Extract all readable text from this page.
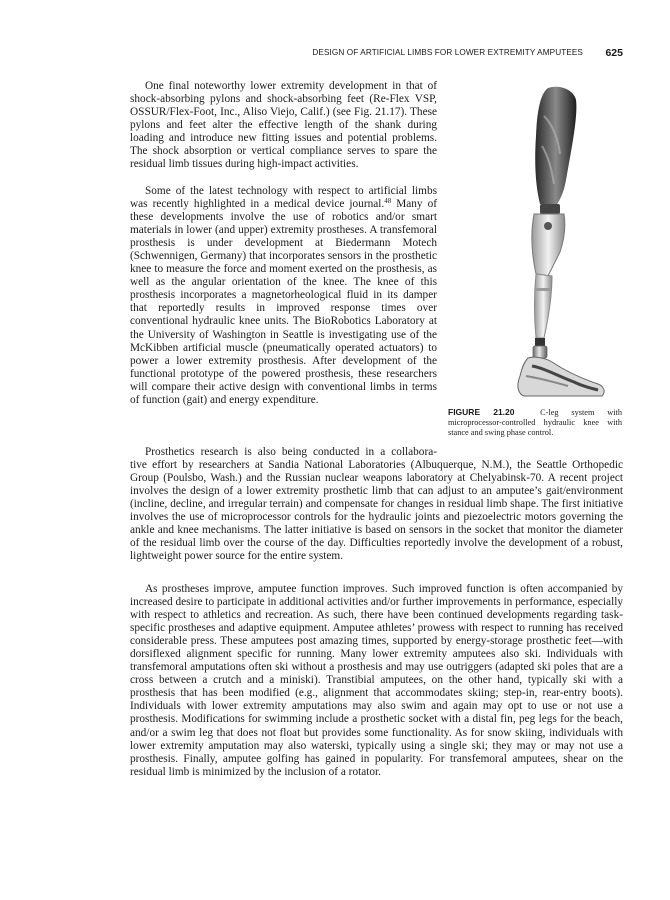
DESIGN OF ARTIFICIAL LIMBS FOR LOWER EXTREMITY AMPUTEES 625

One final noteworthy lower extremity development in that of shock-absorbing pylons and shock-absorbing feet (Re-Flex VSP, OSSUR/Flex-Foot, Inc., Aliso Viejo, Calif.) (see Fig. 21.17). These pylons and feet alter the effective length of the shank during loading and introduce new fitting issues and potential problems. The shock absorption or vertical compliance serves to spare the residual limb tissues during high-impact activities.

Some of the latest technology with respect to artificial limbs was recently highlighted in a medical device journal.$^{48}$ Many of these developments involve the use of robotics and/or smart materials in lower (and upper) extremity prostheses. A transfemoral prosthesis is under development at Biedermann Motech (Schwennigen, Germany) that incorporates sensors in the prosthetic knee to measure the force and moment exerted on the prosthesis, as well as the angular orientation of the knee. The knee of this prosthesis incorporates a magnetorheological fluid in its damper that reportedly results in improved response times over conventional hydraulic knee units. The BioRobotics Laboratory at the University of Washington in Seattle is investigating use of the McKibben artificial muscle (pneumatically operated actuators) to power a lower extremity prosthesis. After development of the functional prototype of the powered prosthesis, these researchers will compare their active design with conventional limbs in terms of function (gait) and energy expenditure.

Prosthetics research is also being conducted in a collabora-
tive effort by researchers at Sandia National Laboratories (Albuquerque, N.M.), the Seattle Orthopedic Group (Poulsbo, Wash.) and the Russian nuclear weapons laboratory at Chelyabinsk-70. A recent project involves the design of a lower extremity prosthetic limb that can adjust to an amputee’s gait/environment (incline, decline, and irregular terrain) and compensate for changes in residual limb shape. The first initiative involves the use of microprocessor controls for the hydraulic joints and piezoelectric motors governing the ankle and knee mechanisms. The latter initiative is based on sensors in the socket that monitor the diameter of the residual limb over the course of the day. Difficulties reportedly involve the development of a robust, lightweight power source for the entire system.

As prostheses improve, amputee function improves. Such improved function is often accompanied by increased desire to participate in additional activities and/or further improvements in performance, especially with respect to athletics and recreation. As such, there have been continued developments regarding task-specific prostheses and adaptive equipment. Amputee athletes’ prowess with respect to running has received considerable press. These amputees post amazing times, supported by energy-storage prosthetic feet—with dorsiflexed alignment specific for running. Many lower extremity amputees also ski. Individuals with transfemoral amputations often ski without a prosthesis and may use outriggers (adapted ski poles that are a cross between a crutch and a miniski). Transtibial amputees, on the other hand, typically ski with a prosthesis that has been modified (e.g., alignment that accommodates skiing; step-in, rear-entry boots). Individuals with lower extremity amputations may also swim and again may opt to use or not use a prosthesis. Modifications for swimming include a prosthetic socket with a distal fin, peg legs for the beach, and/or a swim leg that does not float but provides some functionality. As for snow skiing, individuals with lower extremity amputation may also waterski, typically using a single ski; they may or may not use a prosthesis. Finally, amputee golfing has gained in popularity. For transfemoral amputees, shear on the residual limb is minimized by the inclusion of a rotator.

FIGURE 21.20	C-leg system with microprocessor-controlled hydraulic knee with stance and swing phase control.
